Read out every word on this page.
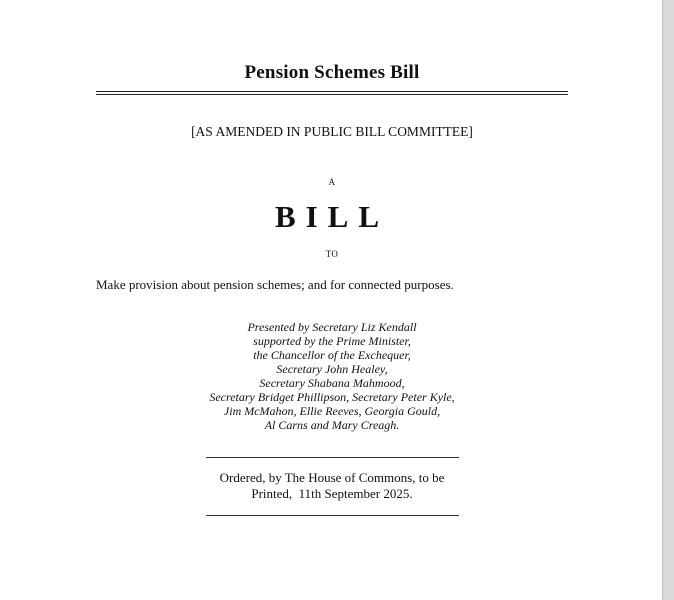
Pension Schemes Bill
[AS AMENDED IN PUBLIC BILL COMMITTEE]
A
BILL
TO
Make provision about pension schemes; and for connected purposes.
Presented by Secretary Liz Kendall
supported by the Prime Minister,
the Chancellor of the Exchequer,
Secretary John Healey,
Secretary Shabana Mahmood,
Secretary Bridget Phillipson, Secretary Peter Kyle,
Jim McMahon, Ellie Reeves, Georgia Gould,
Al Carns and Mary Creagh.
Ordered, by The House of Commons, to be
Printed,  11th September 2025.
